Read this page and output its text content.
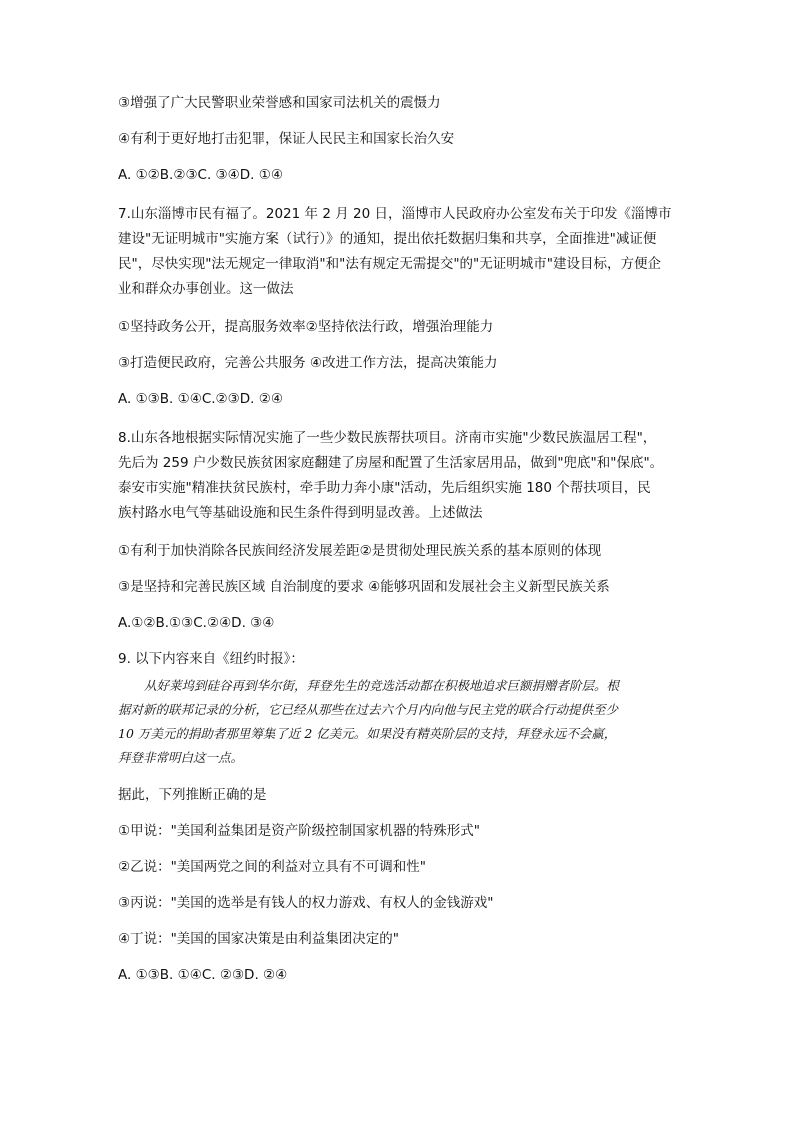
③增强了广大民警职业荣誉感和国家司法机关的震慑力

④有利于更好地打击犯罪，保证人民民主和国家长治久安

A. ①②B.②③C. ③④D. ①④

7.山东淄博市民有福了。2021 年 2 月 20 日，淄博市人民政府办公室发布关于印发《淄博市

建设"无证明城市"实施方案（试行）》的通知，提出依托数据归集和共享，全面推进"减证便

民"，尽快实现"法无规定一律取消"和"法有规定无需提交"的"无证明城市"建设目标，方便企

业和群众办事创业。这一做法

①坚持政务公开，提高服务效率②坚持依法行政，增强治理能力

③打造便民政府，完善公共服务 ④改进工作方法，提高决策能力

A. ①③B. ①④C.②③D. ②④

8.山东各地根据实际情况实施了一些少数民族帮扶项目。济南市实施"少数民族温居工程"，

先后为 259 户少数民族贫困家庭翻建了房屋和配置了生活家居用品，做到"兜底"和"保底"。

泰安市实施"精准扶贫民族村，牵手助力奔小康"活动，先后组织实施 180 个帮扶项目，民

族村路水电气等基础设施和民生条件得到明显改善。上述做法

①有利于加快消除各民族间经济发展差距②是贯彻处理民族关系的基本原则的体现

③是坚持和完善民族区域 自治制度的要求 ④能够巩固和发展社会主义新型民族关系

A.①②B.①③C.②④D. ③④

9. 以下内容来自《纽约时报》：

从好莱坞到硅谷再到华尔街，拜登先生的竞选活动都在积极地追求巨额捐赠者阶层。根
据对新的联邦记录的分析，它已经从那些在过去六个月内向他与民主党的联合行动提供至少
10 万美元的捐助者那里筹集了近 2 亿美元。如果没有精英阶层的支持，拜登永远不会赢，
拜登非常明白这一点。

据此，下列推断正确的是

①甲说："美国利益集团是资产阶级控制国家机器的特殊形式"

②乙说："美国两党之间的利益对立具有不可调和性"

③丙说："美国的选举是有钱人的权力游戏、有权人的金钱游戏"

④丁说："美国的国家决策是由利益集团决定的"

A. ①③B. ①④C. ②③D. ②④
